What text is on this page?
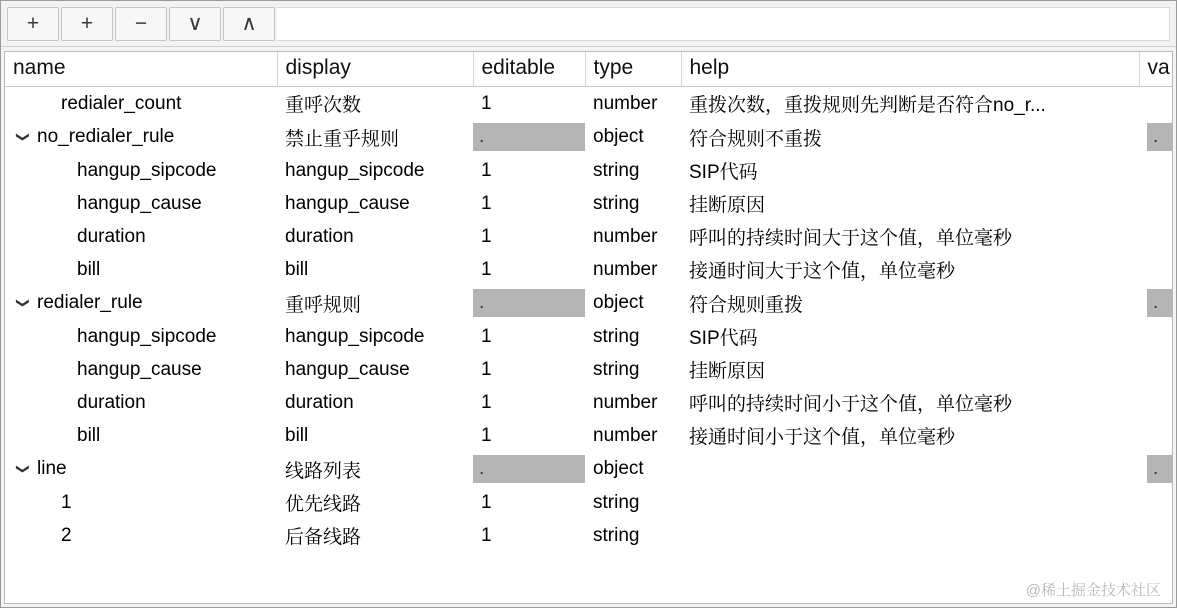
+ + − ∨ ∧
name	display	editable	type	help	va

redialer_count	重呼次数	1	number	重拨次数，重拨规则先判断是否符合no_r...	

❯ no_redialer_rule	禁止重乎规则	.	object	符合规则不重拨	.

hangup_sipcode	hangup_sipcode	1	string	SIP代码	

hangup_cause	hangup_cause	1	string	挂断原因	

duration	duration	1	number	呼叫的持续时间大于这个值，单位毫秒	

bill	bill	1	number	接通时间大于这个值，单位毫秒	

❯ redialer_rule	重呼规则	.	object	符合规则重拨	.

hangup_sipcode	hangup_sipcode	1	string	SIP代码	

hangup_cause	hangup_cause	1	string	挂断原因	

duration	duration	1	number	呼叫的持续时间小于这个值，单位毫秒	

bill	bill	1	number	接通时间小于这个值，单位毫秒	

❯ line	线路列表	.	object		.

1	优先线路	1	string		

2	后备线路	1	string		
@稀土掘金技术社区
